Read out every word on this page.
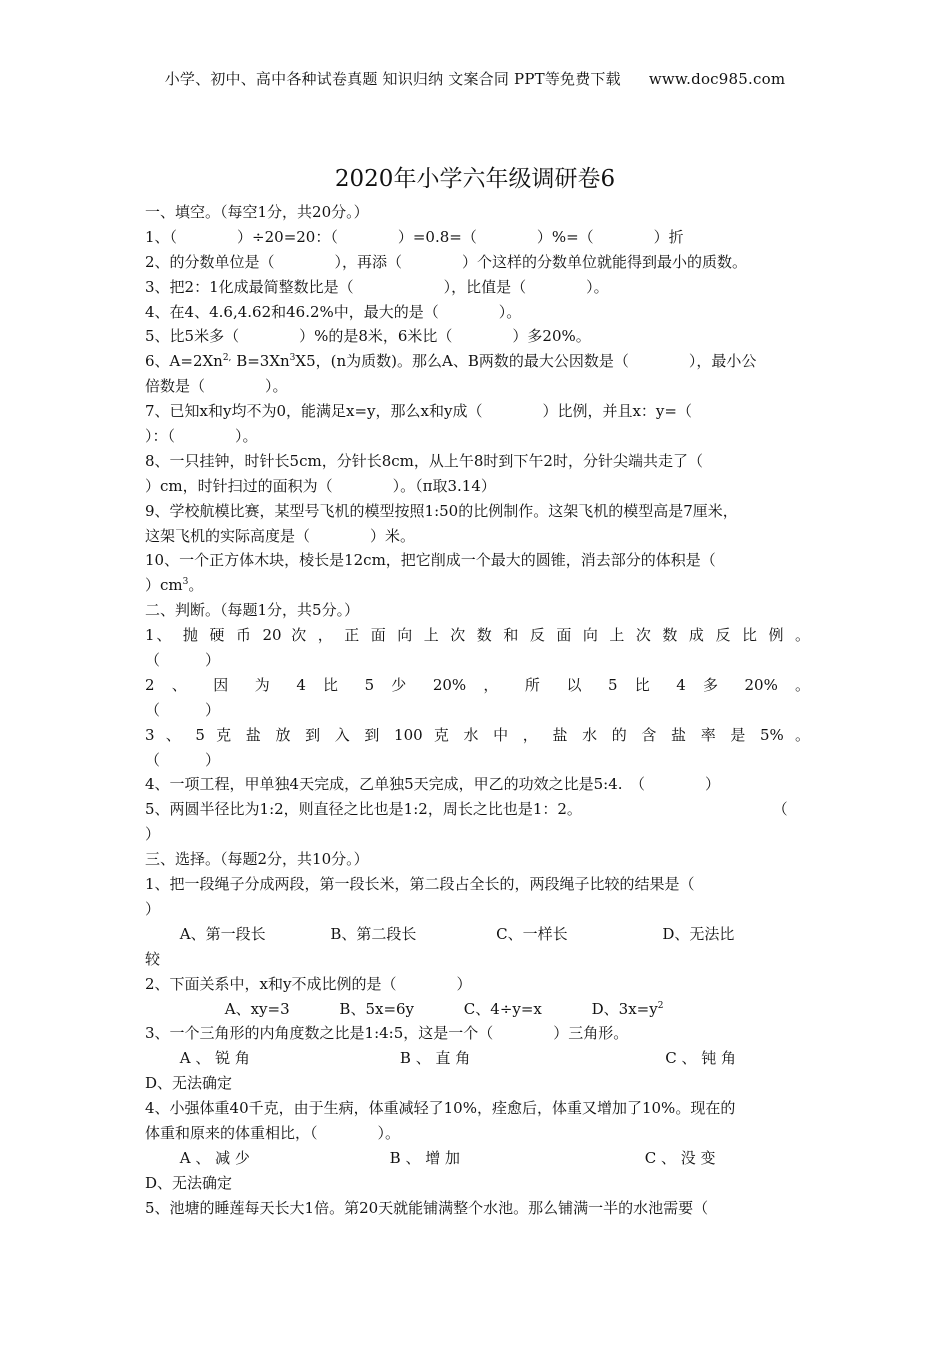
小学、初中、高中各种试卷真题 知识归纳 文案合同 PPT等免费下载 www.doc985.com
2020年小学六年级调研卷6
一、填空。（每空1分，共20分。）
1、（　　　　）÷20=20：（　　　　）=0.8=（　　　　）%=（　　　　）折
2、的分数单位是（　　　　），再添（　　　　）个这样的分数单位就能得到最小的质数。
3、把2：1化成最简整数比是（　　　　　　），比值是（　　　　）。
4、在4、4.6,4.62和46.2%中，最大的是（　　　　）。
5、比5米多（　　　　）%的是8米，6米比（　　　　）多20%。
6、$A=2Xn^{2,}$ $B=3Xn^3X5$，(n为质数)。那么A、B两数的最大公因数是（　　　　），最小公
倍数是（　　　　）。
7、已知x和y均不为0，能满足x=y，那么x和y成（　　　　）比例，并且x：y=（
）：（　　　　）。
8、一只挂钟，时针长5cm，分针长8cm，从上午8时到下午2时，分针尖端共走了（
）cm，时针扫过的面积为（　　　　）。（π取3.14）
9、学校航模比赛，某型号飞机的模型按照1:50的比例制作。这架飞机的模型高是7厘米，
这架飞机的实际高度是（　　　　）米。
10、一个正方体木块，棱长是12cm，把它削成一个最大的圆锥，消去部分的体积是（
）$cm^3$。
二、判断。（每题1分，共5分。）
1、 抛 硬 币 20 次 ， 正 面 向 上 次 数 和 反 面 向 上 次 数 成 反 比 例 。
（　　　）
2 、 因 为 4 比 5 少 20% ， 所 以 5 比 4 多 20% 。
（　　　）
3 、 5 克 盐 放 到 入 到 100 克 水 中 ， 盐 水 的 含 盐 率 是 5% 。
（　　　）
4、一项工程，甲单独4天完成，乙单独5天完成，甲乙的功效之比是5:4.　（　　　　）
5、两圆半径比为1:2，则直径之比也是1:2，周长之比也是1：2。                                        （
）
三、选择。（每题2分，共10分。）
1、把一段绳子分成两段，第一段长米，第二段占全长的，两段绳子比较的结果是（
）
　　 A、第一段长　　　　 B、第二段长　　　　　 C、一样长　　　　　　 D、无法比
较
2、下面关系中，x和y不成比例的是（　　　　）
　　　　　 A、xy=3　　　 B、5x=6y　　　 C、4÷y=x　　　 D、$3x=y^2$
3、一个三角形的内角度数之比是1:4:5，这是一个（　　　　）三角形。
　　 A 、 锐 角　　　　　　　　　　B 、 直 角　　　　　　　　　　　　　C 、 钝 角
D、无法确定
4、小强体重40千克，由于生病，体重减轻了10%，痊愈后，体重又增加了10%。现在的
体重和原来的体重相比，（　　　　）。
　　 A 、 减 少　　　　　　　　　 B 、 增 加　　　　　　　　　　　　 C 、 没 变
D、无法确定
5、池塘的睡莲每天长大1倍。第20天就能铺满整个水池。那么铺满一半的水池需要（
